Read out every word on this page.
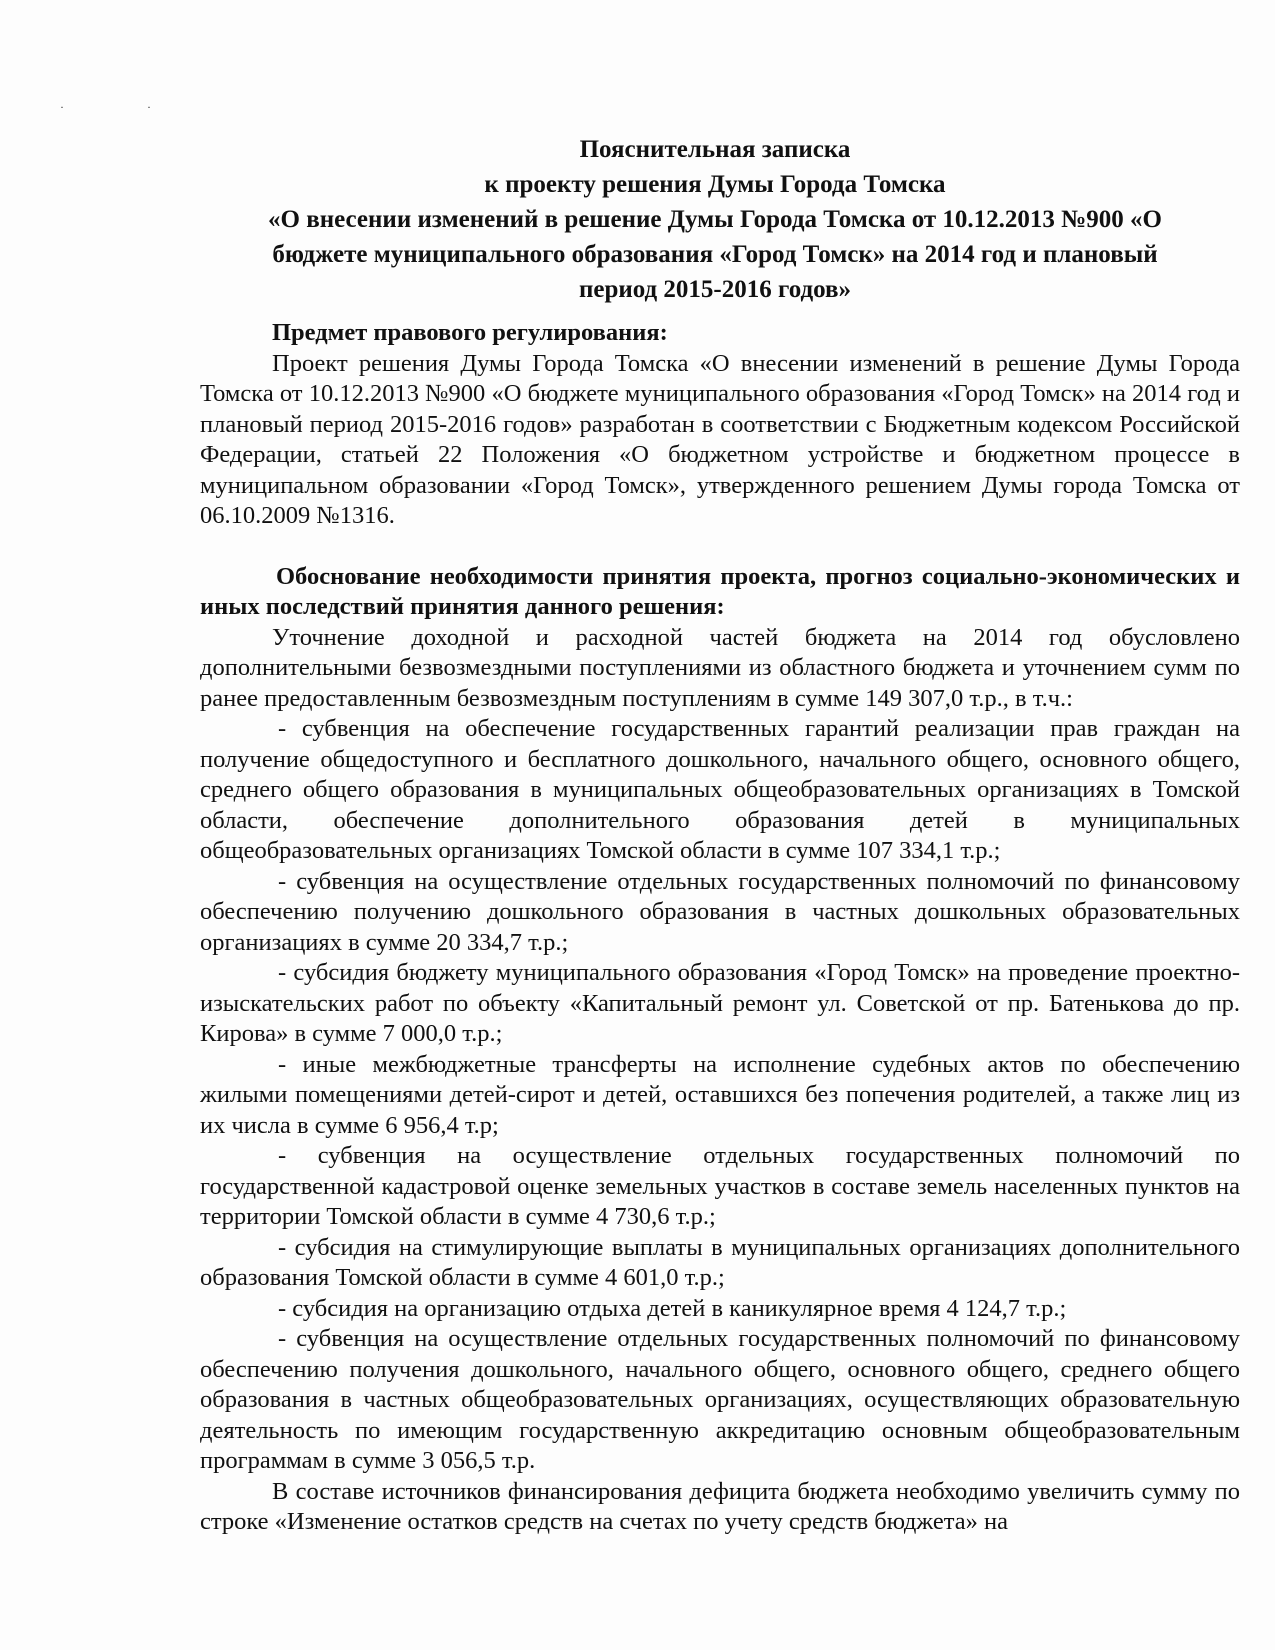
· ·
Пояснительная записка
к проекту решения Думы Города Томска
«О внесении изменений в решение Думы Города Томска от 10.12.2013 №900 «О
бюджете муниципального образования «Город Томск» на 2014 год и плановый
период 2015-2016 годов»

Предмет правового регулирования:

Проект решения Думы Города Томска «О внесении изменений в решение Думы Города Томска от 10.12.2013 №900 «О бюджете муниципального образования «Город Томск» на 2014 год и плановый период 2015-2016 годов» разработан в соответствии с Бюджетным кодексом Российской Федерации, статьей 22 Положения «О бюджетном устройстве и бюджетном процессе в муниципальном образовании «Город Томск», утвержденного решением Думы города Томска от 06.10.2009 №1316.

Обоснование необходимости принятия проекта, прогноз социально-экономических и иных последствий принятия данного решения:

Уточнение доходной и расходной частей бюджета на 2014 год обусловлено дополнительными безвозмездными поступлениями из областного бюджета и уточнением сумм по ранее предоставленным безвозмездным поступлениям в сумме 149 307,0 т.р., в т.ч.:

- субвенция на обеспечение государственных гарантий реализации прав граждан на получение общедоступного и бесплатного дошкольного, начального общего, основного общего, среднего общего образования в муниципальных общеобразовательных организациях в Томской области, обеспечение дополнительного образования детей в муниципальных общеобразовательных организациях Томской области в сумме 107 334,1 т.р.;

- субвенция на осуществление отдельных государственных полномочий по финансовому обеспечению получению дошкольного образования в частных дошкольных образовательных организациях в сумме 20 334,7 т.р.;

- субсидия бюджету муниципального образования «Город Томск» на проведение проектно-изыскательских работ по объекту «Капитальный ремонт ул. Советской от пр. Батенькова до пр. Кирова» в сумме 7 000,0 т.р.;

- иные межбюджетные трансферты на исполнение судебных актов по обеспечению жилыми помещениями детей-сирот и детей, оставшихся без попечения родителей, а также лиц из их числа в сумме 6 956,4 т.р;

- субвенция на осуществление отдельных государственных полномочий по государственной кадастровой оценке земельных участков в составе земель населенных пунктов на территории Томской области в сумме 4 730,6 т.р.;

- субсидия на стимулирующие выплаты в муниципальных организациях дополнительного образования Томской области в сумме 4 601,0 т.р.;

- субсидия на организацию отдыха детей в каникулярное время 4 124,7 т.р.;

- субвенция на осуществление отдельных государственных полномочий по финансовому обеспечению получения дошкольного, начального общего, основного общего, среднего общего образования в частных общеобразовательных организациях, осуществляющих образовательную деятельность по имеющим государственную аккредитацию основным общеобразовательным программам в сумме 3 056,5 т.р.

В составе источников финансирования дефицита бюджета необходимо увеличить сумму по строке «Изменение остатков средств на счетах по учету средств бюджета» на
